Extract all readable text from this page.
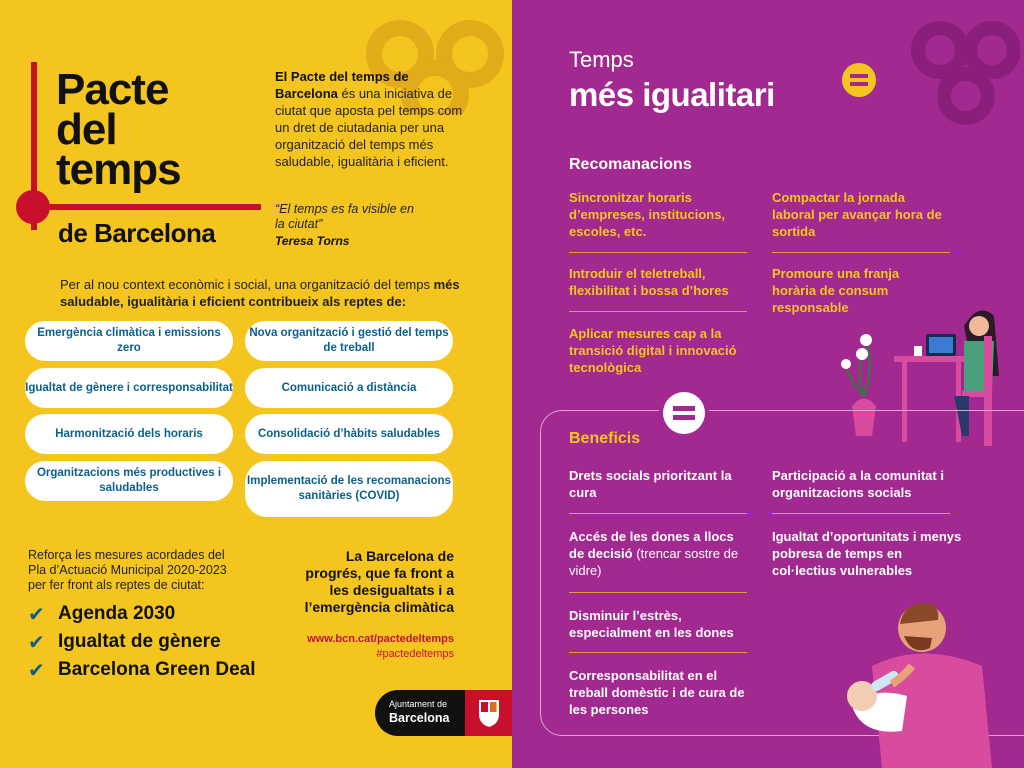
Pacte
del
temps
de Barcelona
El Pacte del temps de Barcelona és una iniciativa de ciutat que aposta pel temps com un dret de ciutadania per una organització del temps més saludable, igualitària i eficient.
“El temps es fa visible en la ciutat”
Teresa Torns
Per al nou context econòmic i social, una organització del temps més saludable, igualitària i eficient contribueix als reptes de:
Emergència climàtica i emissions zero
Nova organització i gestió del temps de treball
Igualtat de gènere i corresponsabilitat	Comunicació a distància
Harmonització dels horaris	Consolidació d’hàbits saludables
Organitzacions més productives i saludables
Implementació de les recomanacions sanitàries (COVID)
Reforça les mesures acordades del Pla d’Actuació Municipal 2020-2023 per fer front als reptes de ciutat:
✔ Agenda 2030
✔ Igualtat de gènere
✔ Barcelona Green Deal
La Barcelona de progrés, que fa front a les desigualtats i a l’emergència climàtica
www.bcn.cat/pactedeltemps
#pactedeltemps
Ajuntament de
Barcelona
Temps
més igualitari
Recomanacions
Sincronitzar horaris d’empreses, institucions, escoles, etc.
Compactar la jornada laboral per avançar hora de sortida
Introduir el teletreball, flexibilitat i bossa d’hores
Promoure una franja horària de consum responsable
Aplicar mesures cap a la transició digital i innovació tecnològica
Beneficis
Drets socials prioritzant la cura
Participació a la comunitat i organitzacions socials
Accés de les dones a llocs de decisió (trencar sostre de vidre)
Igualtat d’oportunitats i menys pobresa de temps en col·lectius vulnerables
Disminuir l’estrès, especialment en les dones
Corresponsabilitat en el treball domèstic i de cura de les persones
